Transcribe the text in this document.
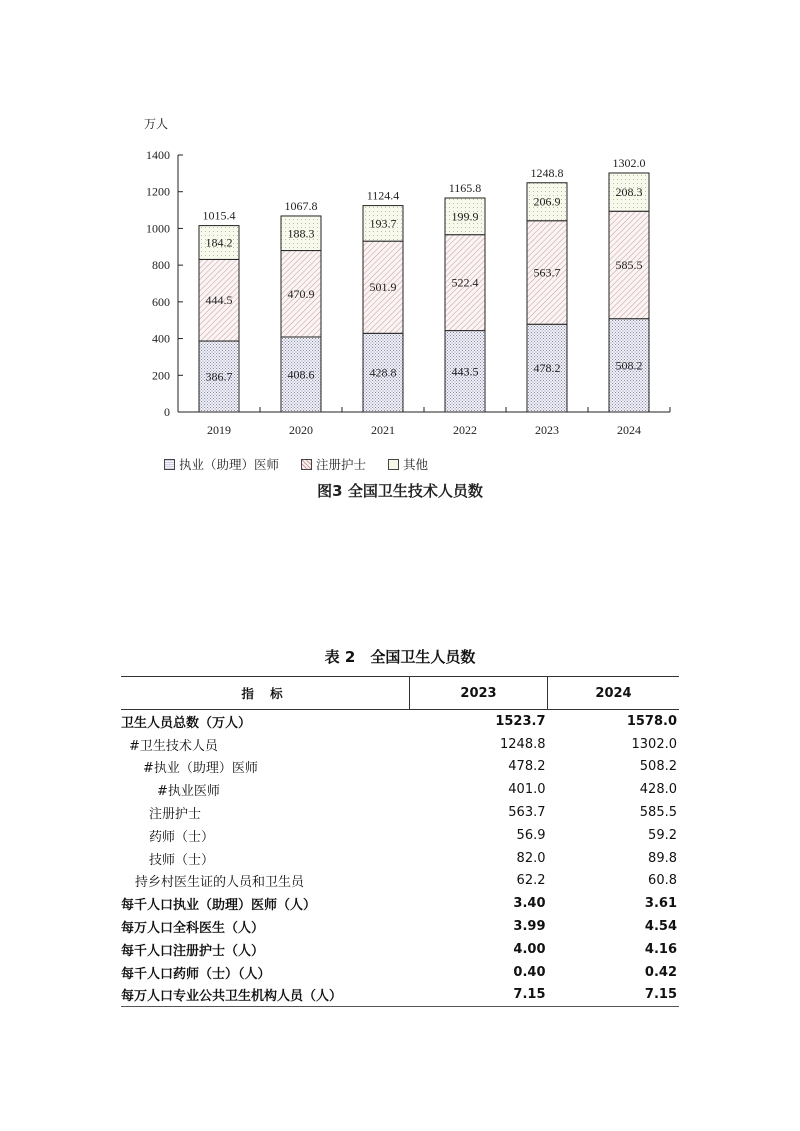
万人
0
200
400
600
800
1000
1200
1400
386.7
444.5
184.2
1015.4
2019
408.6
470.9
188.3
1067.8
2020
428.8
501.9
193.7
1124.4
2021
443.5
522.4
199.9
1165.8
2022
478.2
563.7
206.9
1248.8
2023
508.2
585.5
208.3
1302.0
2024
执业（助理）医师	注册护士	其他
图3 全国卫生技术人员数
表 2　全国卫生人员数
指 标	2023	2024
卫生人员总数（万人）	1523.7	1578.0
#卫生技术人员	1248.8	1302.0
#执业（助理）医师	478.2	508.2
#执业医师	401.0	428.0
注册护士	563.7	585.5
药师（士）	56.9	59.2
技师（士）	82.0	89.8
持乡村医生证的人员和卫生员	62.2	60.8
每千人口执业（助理）医师（人）	3.40	3.61
每万人口全科医生（人）	3.99	4.54
每千人口注册护士（人）	4.00	4.16
每千人口药师（士）（人）	0.40	0.42
每万人口专业公共卫生机构人员（人）	7.15	7.15
